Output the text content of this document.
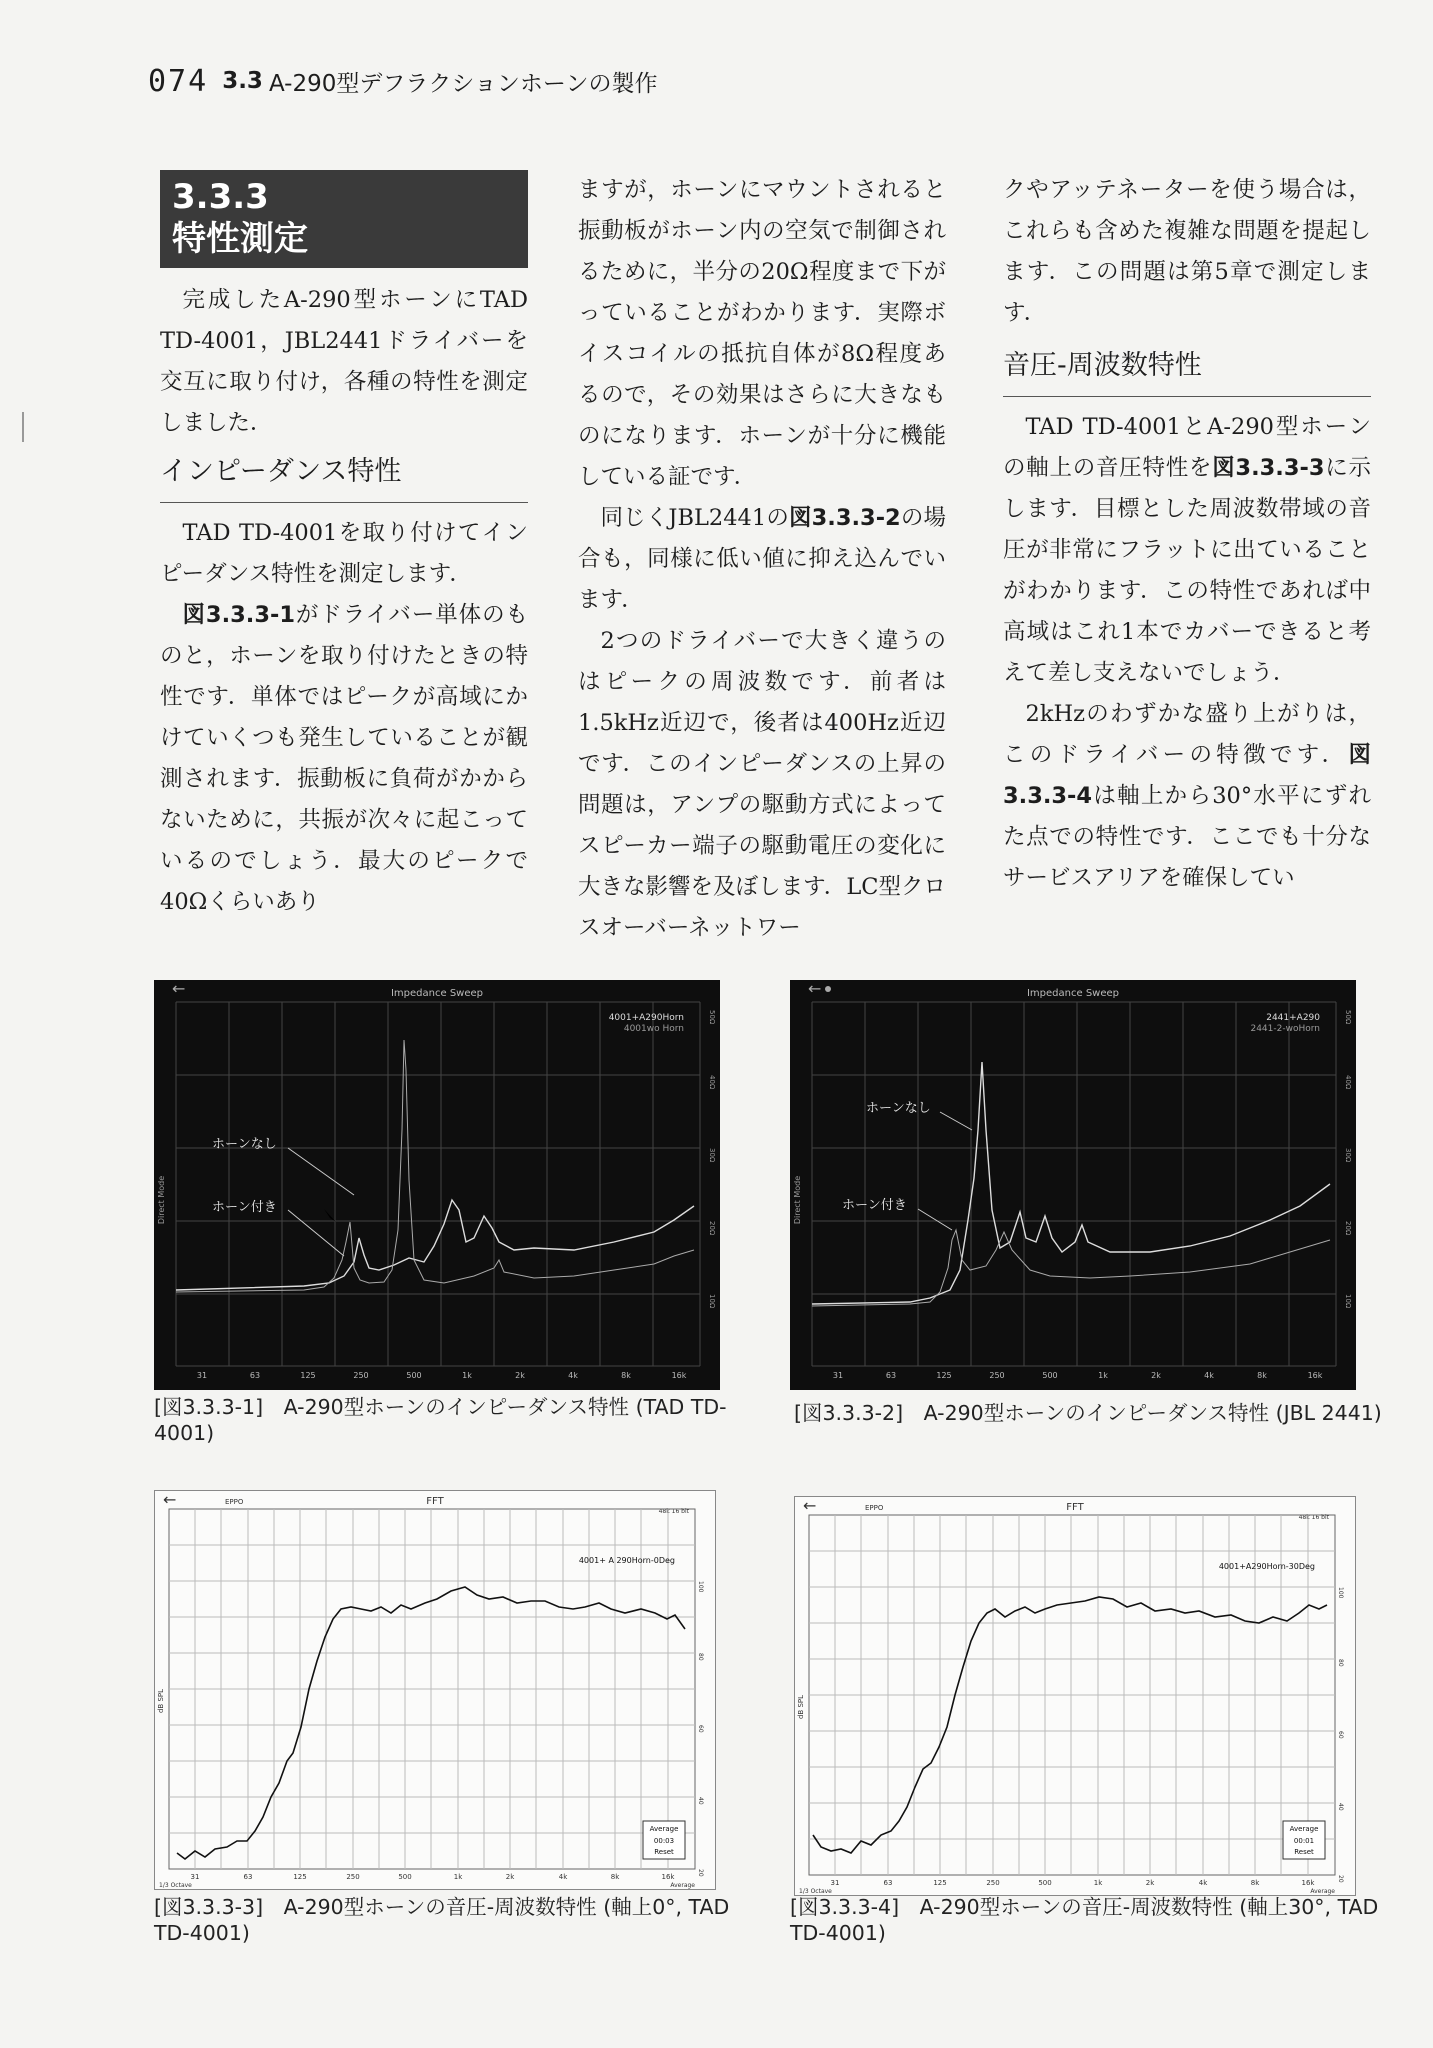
074 3.3 A-290型デフラクションホーンの製作
3.3.3
特性測定

完成したA-290型ホーンにTAD TD-4001，JBL2441ドライバーを交互に取り付け，各種の特性を測定しました．

インピーダンス特性

TAD TD-4001を取り付けてインピーダンス特性を測定します．

図3.3.3-1がドライバー単体のものと，ホーンを取り付けたときの特性です．単体ではピークが高域にかけていくつも発生していることが観測されます．振動板に負荷がかからないために，共振が次々に起こっているのでしょう．最大のピークで40Ωくらいあり

ますが，ホーンにマウントされると振動板がホーン内の空気で制御されるために，半分の20Ω程度まで下がっていることがわかります．実際ボイスコイルの抵抗自体が8Ω程度あるので，その効果はさらに大きなものになります．ホーンが十分に機能している証です．

同じくJBL2441の図3.3.3-2の場合も，同様に低い値に抑え込んでいます．

2つのドライバーで大きく違うのはピークの周波数です．前者は1.5kHz近辺で，後者は400Hz近辺です．このインピーダンスの上昇の問題は，アンプの駆動方式によってスピーカー端子の駆動電圧の変化に大きな影響を及ぼします．LC型クロスオーバーネットワー

クやアッテネーターを使う場合は，これらも含めた複雑な問題を提起します．この問題は第5章で測定します．

音圧-周波数特性

TAD TD-4001とA-290型ホーンの軸上の音圧特性を図3.3.3-3に示します．目標とした周波数帯域の音圧が非常にフラットに出ていることがわかります．この特性であれば中高域はこれ1本でカバーできると考えて差し支えないでしょう．

2kHzのわずかな盛り上がりは，このドライバーの特徴です．図3.3.3-4は軸上から30°水平にずれた点での特性です．ここでも十分なサービスアリアを確保してい

←	Impedance Sweep
4001+A290Horn
4001wo Horn
Direct Mode
ホーンなし
ホーン付き
31	63	125	250	500	1k	2k	4k	8k	16k
10Ω
20Ω
30Ω
40Ω
50Ω
[図3.3.3-1]　A-290型ホーンのインピーダンス特性 (TAD TD-4001)
←	Impedance Sweep
2441+A290
2441-2-woHorn
Direct Mode
ホーンなし
ホーン付き
31	63	125	250	500	1k	2k	4k	8k	16k
10Ω
20Ω
30Ω
40Ω
50Ω
[図3.3.3-2]　A-290型ホーンのインピーダンス特性 (JBL 2441)
←	EPPO	FFT
48k 16 bit
4001+ A 290Horn-0Deg
dB SPL
Average
00:03
Reset
31	63	125	250	500	1k	2k	4k	8k	16k
20
40
60
80
100
1/3 Octave	Average
[図3.3.3-3]　A-290型ホーンの音圧-周波数特性 (軸上0°, TAD TD-4001)
←	EPPO	FFT
48k 16 bit
4001+A290Horn-30Deg
dB SPL
Average
00:01
Reset
31	63	125	250	500	1k	2k	4k	8k	16k
20
40
60
80
100
1/3 Octave	Average
[図3.3.3-4]　A-290型ホーンの音圧-周波数特性 (軸上30°, TAD TD-4001)
